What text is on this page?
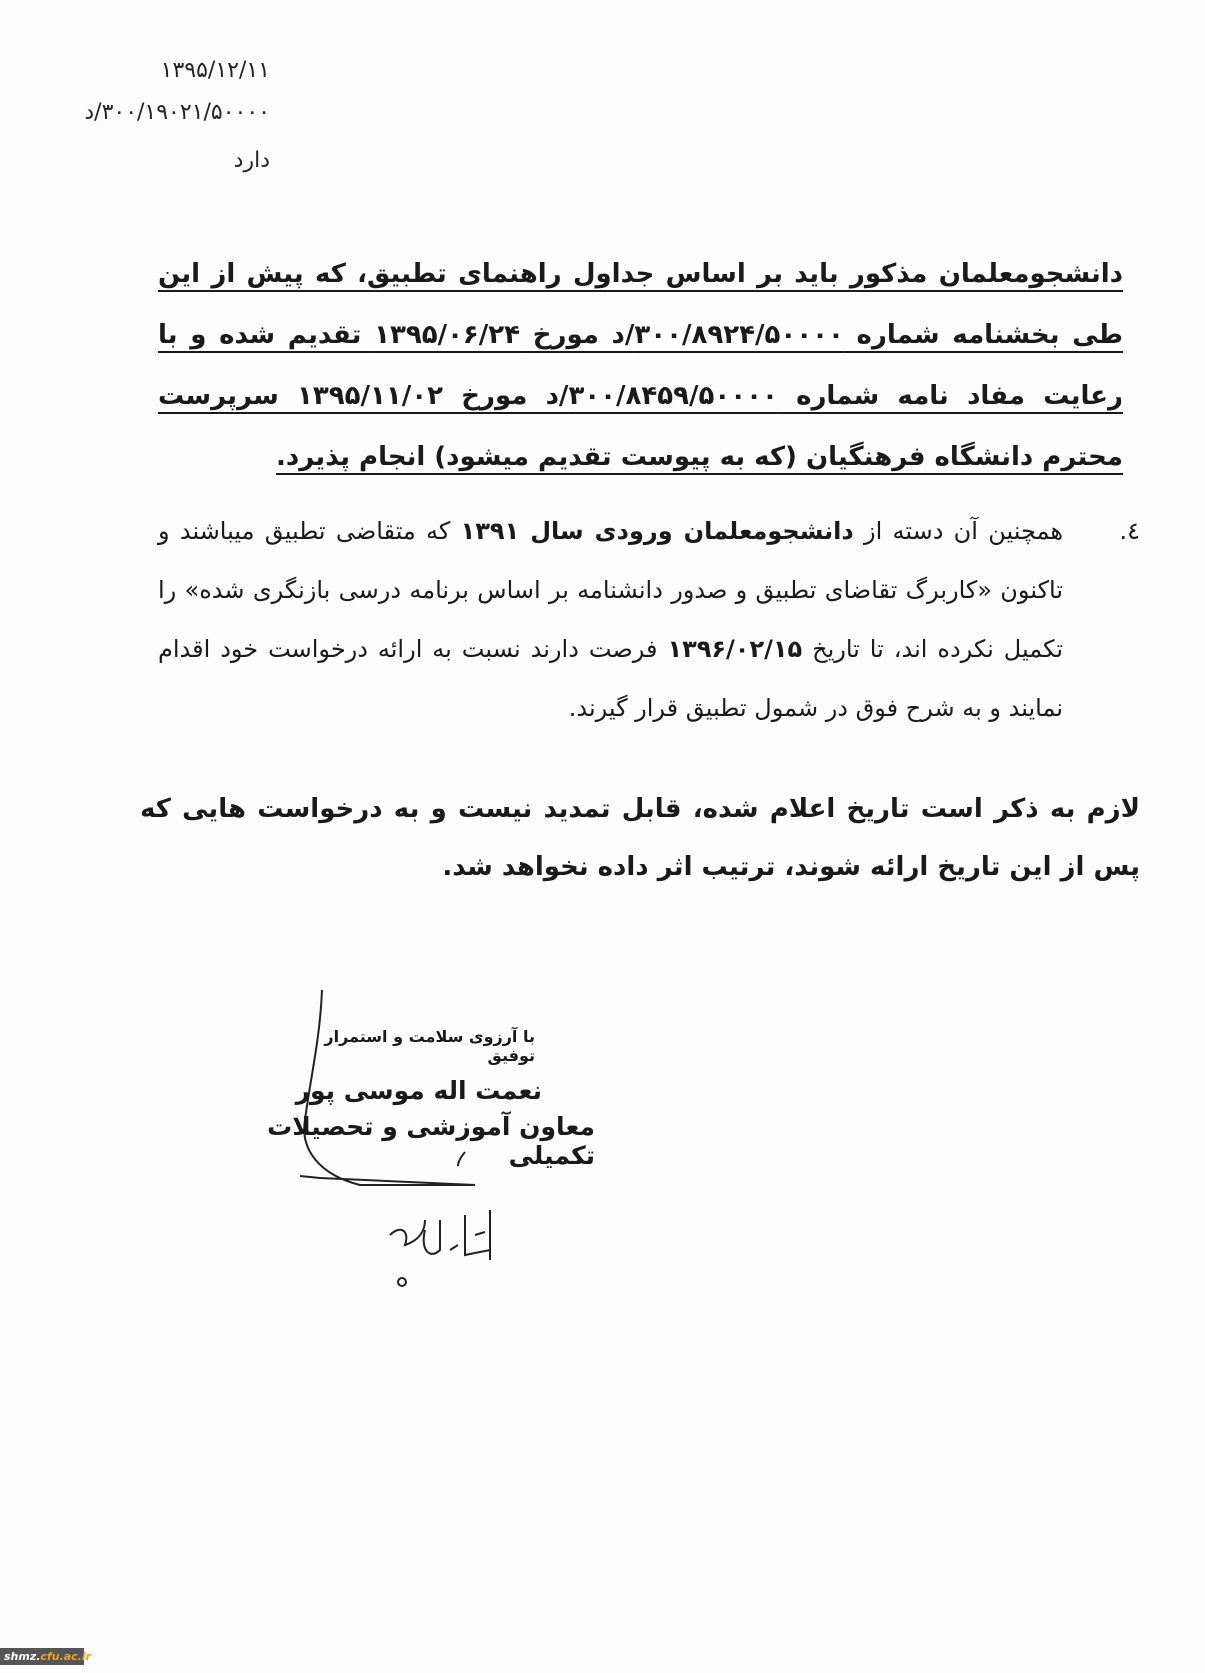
۱۳۹۵/۱۲/۱۱
۳۰۰/۱۹۰۲۱/۵۰۰۰۰/د
دارد
دانشجومعلمان مذکور باید بر اساس جداول راهنمای تطبیق، که پیش از این طی بخشنامه شماره ۳۰۰/۸۹۲۴/۵۰۰۰۰/د مورخ ۱۳۹۵/۰۶/۲۴ تقدیم شده و با رعایت مفاد نامه شماره ۳۰۰/۸۴۵۹/۵۰۰۰۰/د مورخ ۱۳۹۵/۱۱/۰۲ سرپرست محترم دانشگاه فرهنگیان (که به پیوست تقدیم میشود) انجام پذیرد.
٤.
همچنین آن دسته از دانشجومعلمان ورودی سال ۱۳۹۱ که متقاضی تطبیق میباشند و تاکنون «کاربرگ تقاضای تطبیق و صدور دانشنامه بر اساس برنامه درسی بازنگری شده» را تکمیل نکرده اند، تا تاریخ ۱۳۹۶/۰۲/۱۵ فرصت دارند نسبت به ارائه درخواست خود اقدام نمایند و به شرح فوق در شمول تطبیق قرار گیرند.
لازم به ذکر است تاریخ اعلام شده، قابل تمدید نیست و به درخواست هایی که پس از این تاریخ ارائه شوند، ترتیب اثر داده نخواهد شد.
با آرزوی سلامت و استمرار توفیق
نعمت اله موسی پور
معاون آموزشی و تحصیلات تکمیلی
shmz.cfu.ac.ir
